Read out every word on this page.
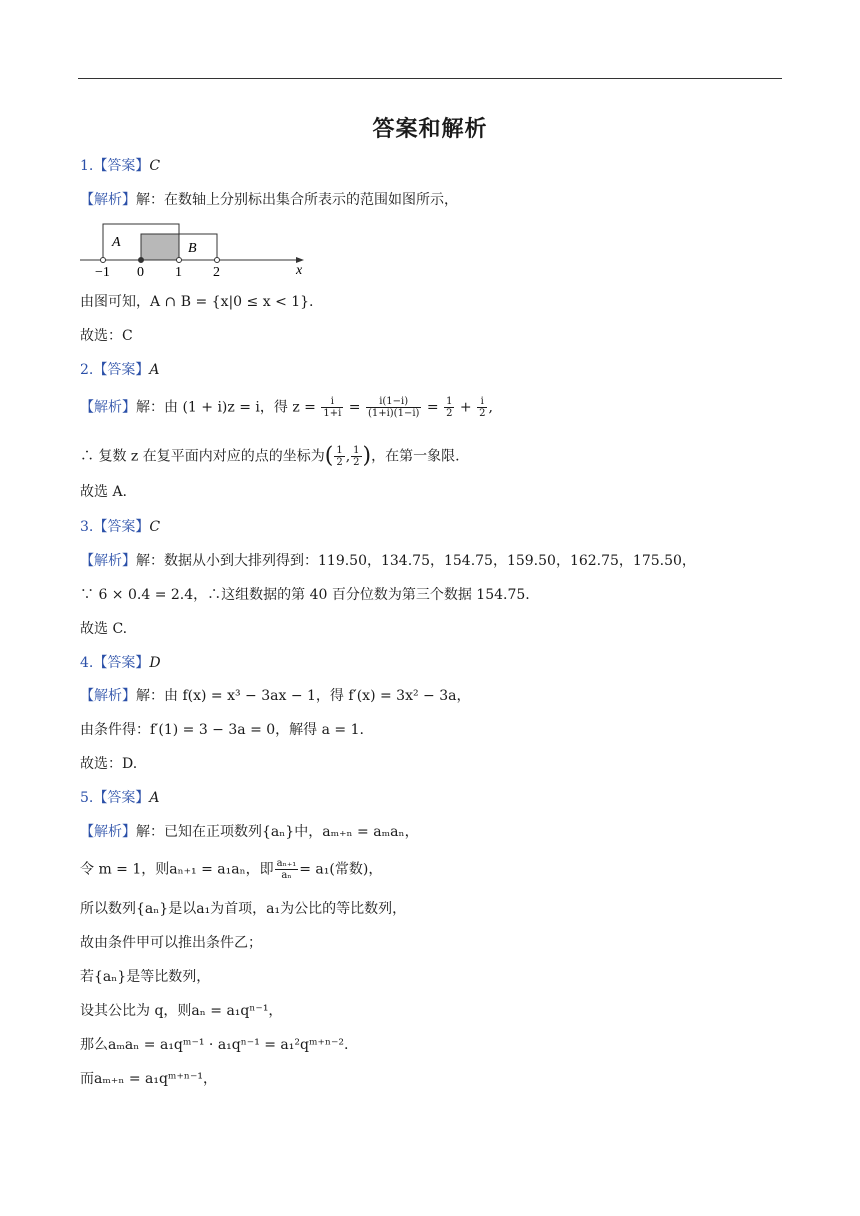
答案和解析
1.【答案】C
【解析】解：在数轴上分别标出集合所表示的范围如图所示，
A	B
−1 0 1 2	x
由图可知，A ∩ B = {x|0 ≤ x < 1}.
故选：C
2.【答案】A
【解析】解：由 (1 + i)z = i，得 $z = \frac{i}{1+i} = \frac{i(1-i)}{(1+i)(1-i)} = \frac{1}{2} + \frac{i}{2}$ ,
∴ 复数 z 在复平面内对应的点的坐标为( $\frac{1}{2}$ , $\frac{1}{2}$ )，在第一象限.
故选 A.
3.【答案】C
【解析】解：数据从小到大排列得到：119.50，134.75，154.75，159.50，162.75，175.50，
∵ 6 × 0.4 = 2.4，∴这组数据的第 40 百分位数为第三个数据 154.75.
故选 C.
4.【答案】D
【解析】解：由 f(x) = x³ − 3ax − 1，得 f′(x) = 3x² − 3a，
由条件得：f′(1) = 3 − 3a = 0，解得 a = 1.
故选：D.
5.【答案】A
【解析】解：已知在正项数列{aₙ}中，aₘ₊ₙ = aₘaₙ，
令 m = 1，则aₙ₊₁ = a₁aₙ，即 $\frac{\text{aₙ₊₁}}{\text{aₙ}} = a_1$(常数)，
所以数列{aₙ}是以a₁为首项，a₁为公比的等比数列，
故由条件甲可以推出条件乙；
若{aₙ}是等比数列，
设其公比为 q，则aₙ = a₁qⁿ⁻¹，
那么aₘaₙ = a₁qᵐ⁻¹ · a₁qⁿ⁻¹ = a₁²qᵐ⁺ⁿ⁻².
而aₘ₊ₙ = a₁qᵐ⁺ⁿ⁻¹，
